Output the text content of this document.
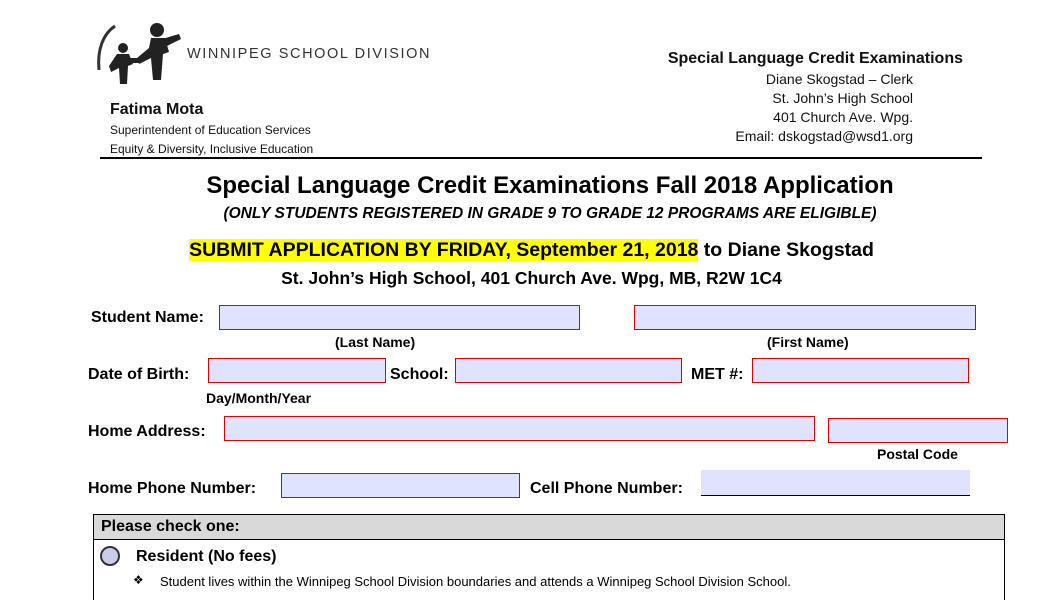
WINNIPEG SCHOOL DIVISION
Fatima Mota
Superintendent of Education Services
Equity & Diversity, Inclusive Education
Special Language Credit Examinations
Diane Skogstad – Clerk
St. John’s High School
401 Church Ave. Wpg.
Email: dskogstad@wsd1.org
Special Language Credit Examinations Fall 2018 Application
(ONLY STUDENTS REGISTERED IN GRADE 9 TO GRADE 12 PROGRAMS ARE ELIGIBLE)
SUBMIT APPLICATION BY FRIDAY, September 21, 2018 to Diane Skogstad
St. John’s High School, 401 Church Ave. Wpg, MB, R2W 1C4
Student Name:
(Last Name)	(First Name)
Date of Birth:	School:	MET #:
Day/Month/Year
Home Address:
Postal Code
Home Phone Number:	Cell Phone Number:
Please check one:
Resident (No fees)
❖ Student lives within the Winnipeg School Division boundaries and attends a Winnipeg School Division School.
